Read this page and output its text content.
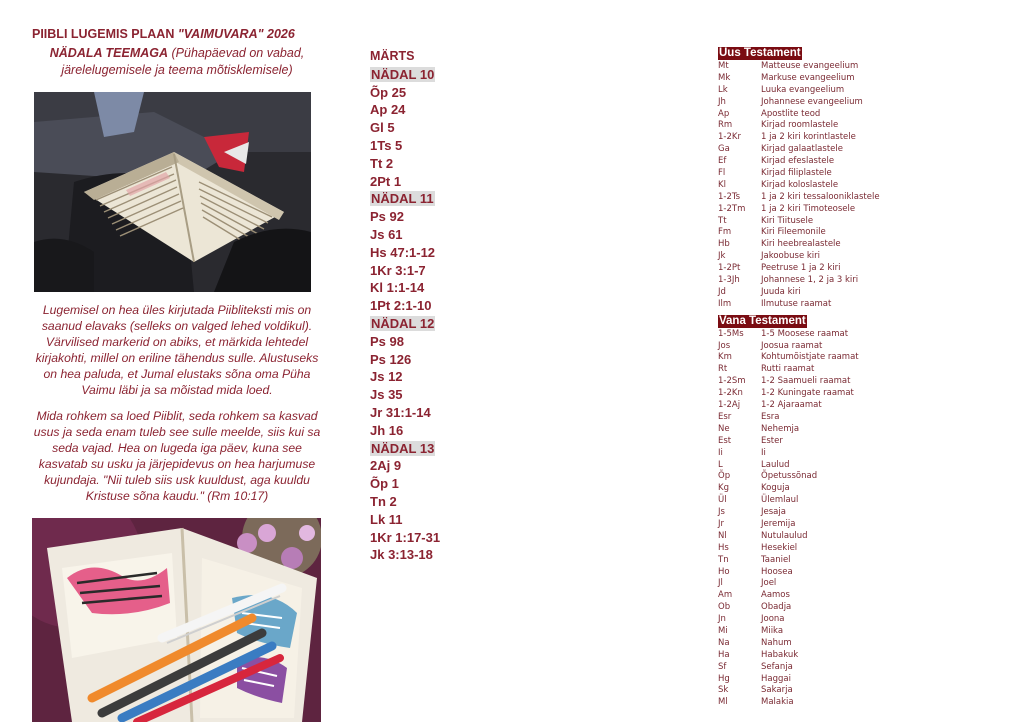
PIIBLI LUGEMIS PLAAN "VAIMUVARA" 2026
NÄDALA TEEMAGA (Pühapäevad on vabad, järelelugemisele ja teema mõtisklemisele)
Lugemisel on hea üles kirjutada Piibliteksti mis on saanud elavaks (selleks on valged lehed voldikul). Värvilised markerid on abiks, et märkida lehtedel kirjakohti, millel on eriline tähendus sulle. Alustuseks on hea paluda, et Jumal elustaks sõna oma Püha Vaimu läbi ja sa mõistad mida loed.
Mida rohkem sa loed Piiblit, seda rohkem sa kasvad usus ja seda enam tuleb see sulle meelde, siis kui sa seda vajad. Hea on lugeda iga päev, kuna see kasvatab su usku ja järjepidevus on hea harjumuse kujundaja. "Nii tuleb siis usk kuuldust, aga kuuldu Kristuse sõna kaudu." (Rm 10:17)
MÄRTS
NÄDAL 10
Õp 25
Ap 24
Gl 5
1Ts 5
Tt 2
2Pt 1
NÄDAL 11
Ps 92
Js 61
Hs 47:1-12
1Kr 3:1-7
Kl 1:1-14
1Pt 2:1-10
NÄDAL 12
Ps 98
Ps 126
Js 12
Js 35
Jr 31:1-14
Jh 16
NÄDAL 13
2Aj 9
Õp 1
Tn 2
Lk 11
1Kr 1:17-31
Jk 3:13-18
Uus Testament
Mt	Matteuse evangeelium
Mk	Markuse evangeelium
Lk	Luuka evangeelium
Jh	Johannese evangeelium
Ap	Apostlite teod
Rm	Kirjad roomlastele
1-2Kr 1 ja 2 kiri korintlastele
Ga	Kirjad galaatlastele
Ef	Kirjad efeslastele
Fl	Kirjad filiplastele
Kl	Kirjad koloslastele
1-2Ts 1 ja 2 kiri tessalooniklastele
1-2Tm 1 ja 2 kiri Timoteosele
Tt	Kiri Tiitusele
Fm	Kiri Fileemonile
Hb	Kiri heebrealastele
Jk	Jakoobuse kiri
1-2Pt Peetruse 1 ja 2 kiri
1-3Jh Johannese 1, 2 ja 3 kiri
Jd	Juuda kiri
Ilm	Ilmutuse raamat
Vana Testament
1-5Ms 1-5 Moosese raamat
Jos	Joosua raamat
Km	Kohtumõistjate raamat
Rt	Rutti raamat
1-2Sm 1-2 Saamueli raamat
1-2Kn 1-2 Kuningate raamat
1-2Aj 1-2 Ajaraamat
Esr	Esra
Ne	Nehemja
Est	Ester
Ii	Ii
L	Laulud
Õp	Õpetussõnad
Kg	Koguja
Ül	Ülemlaul
Js	Jesaja
Jr	Jeremija
Nl	Nutulaulud
Hs	Hesekiel
Tn	Taaniel
Ho	Hoosea
Jl	Joel
Am	Aamos
Ob	Obadja
Jn	Joona
Mi	Miika
Na	Nahum
Ha	Habakuk
Sf	Sefanja
Hg	Haggai
Sk	Sakarja
Ml	Malakia
